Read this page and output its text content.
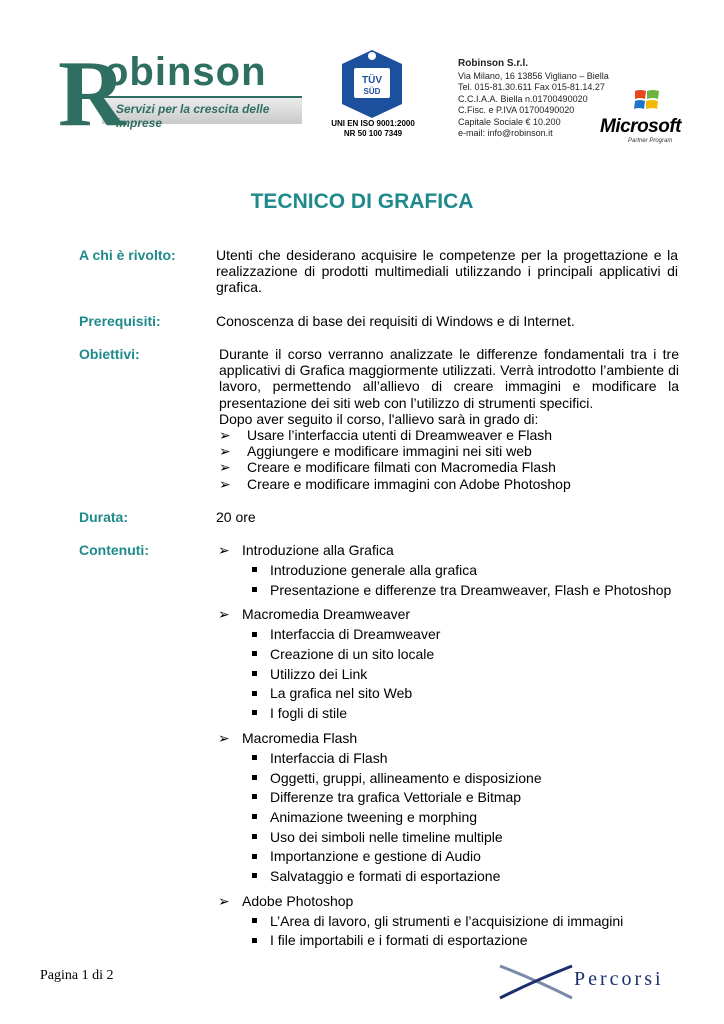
R
obinson
Servizi per la crescita delle imprese
TÜV
SÜD
UNI EN ISO 9001:2000
NR 50 100 7349
Robinson S.r.l.
Via Milano, 16 13856 Vigliano – Biella
Tel. 015-81.30.611 Fax 015-81.14.27
C.C.I.A.A. Biella n.01700490020
C.Fisc. e P.IVA 01700490020
Capitale Sociale € 10.200
e-mail: info@robinson.it	Microsoft
Partner Program
TECNICO DI GRAFICA
A chi è rivolto:	Utenti che desiderano acquisire le competenze per la progettazione e la realizzazione di prodotti multimediali utilizzando i principali applicativi di grafica.
Prerequisiti:	Conoscenza di base dei requisiti di Windows e di Internet.
Obiettivi:	Durante il corso verranno analizzate le differenze fondamentali tra i tre applicativi di Grafica maggiormente utilizzati. Verrà introdotto l’ambiente di lavoro, permettendo all’allievo di creare immagini e modificare la presentazione dei siti web con l’utilizzo di strumenti specifici.
Dopo aver seguito il corso, l'allievo sarà in grado di:
➢ Usare l’interfaccia utenti di Dreamweaver e Flash
➢ Aggiungere e modificare immagini nei siti web
➢ Creare e modificare filmati con Macromedia Flash
➢ Creare e modificare immagini con Adobe Photoshop
Durata:	20 ore
Contenuti:	➢ Introduzione alla Grafica
Introduzione generale alla grafica
Presentazione e differenze tra Dreamweaver, Flash e Photoshop
➢ Macromedia Dreamweaver
Interfaccia di Dreamweaver
Creazione di un sito locale
Utilizzo dei Link
La grafica nel sito Web
I fogli di stile
➢ Macromedia Flash
Interfaccia di Flash
Oggetti, gruppi, allineamento e disposizione
Differenze tra grafica Vettoriale e Bitmap
Animazione tweening e morphing
Uso dei simboli nelle timeline multiple
Importanzione e gestione di Audio
Salvataggio e formati di esportazione
➢ Adobe Photoshop
L’Area di lavoro, gli strumenti e l’acquisizione di immagini
I file importabili e i formati di esportazione
Pagina 1 di 2	Percorsi
